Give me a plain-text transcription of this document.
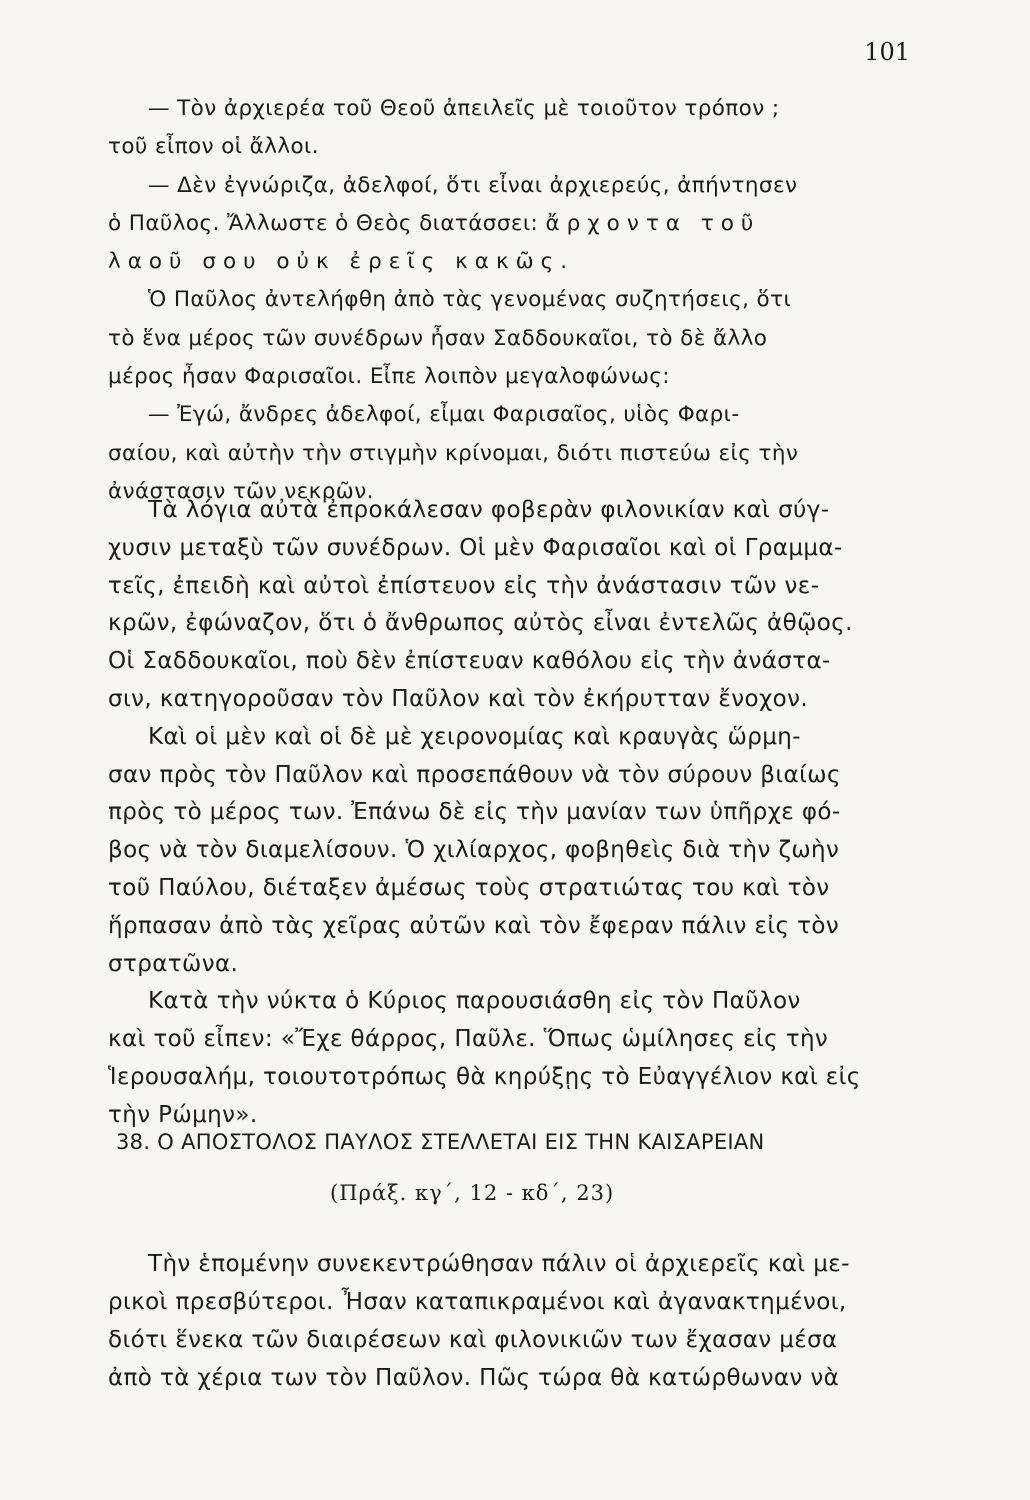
101
— Τὸν ἀρχιερέα τοῦ Θεοῦ ἀπειλεῖς μὲ τοιοῦτον τρόπον ;
τοῦ εἶπον οἱ ἄλλοι.
— Δὲν ἐγνώριζα, ἀδελφοί, ὅτι εἶναι ἀρχιερεύς, ἀπήντησεν
ὁ Παῦλος. Ἄλλωστε ὁ Θεὸς διατάσσει: ἄρχοντα τοῦ
λαοῦ σου οὐκ ἐρεῖς κακῶς.
Ὁ Παῦλος ἀντελήφθη ἀπὸ τὰς γενομένας συζητήσεις, ὅτι
τὸ ἕνα μέρος τῶν συνέδρων ἦσαν Σαδδουκαῖοι, τὸ δὲ ἄλλο
μέρος ἦσαν Φαρισαῖοι. Εἶπε λοιπὸν μεγαλοφώνως:
— Ἐγώ, ἄνδρες ἀδελφοί, εἶμαι Φαρισαῖος, υἱὸς Φαρι-
σαίου, καὶ αὐτὴν τὴν στιγμὴν κρίνομαι, διότι πιστεύω εἰς τὴν
ἀνάστασιν τῶν νεκρῶν.
Τὰ λόγια αὐτὰ ἐπροκάλεσαν φοβερὰν φιλονικίαν καὶ σύγ-
χυσιν μεταξὺ τῶν συνέδρων. Οἱ μὲν Φαρισαῖοι καὶ οἱ Γραμμα-
τεῖς, ἐπειδὴ καὶ αὐτοὶ ἐπίστευον εἰς τὴν ἀνάστασιν τῶν νε-
κρῶν, ἐφώναζον, ὅτι ὁ ἄνθρωπος αὐτὸς εἶναι ἐντελῶς ἀθῷος.
Οἱ Σαδδουκαῖοι, ποὺ δὲν ἐπίστευαν καθόλου εἰς τὴν ἀνάστα-
σιν, κατηγοροῦσαν τὸν Παῦλον καὶ τὸν ἐκήρυτταν ἔνοχον.
Καὶ οἱ μὲν καὶ οἱ δὲ μὲ χειρονομίας καὶ κραυγὰς ὥρμη-
σαν πρὸς τὸν Παῦλον καὶ προσεπάθουν νὰ τὸν σύρουν βιαίως
πρὸς τὸ μέρος των. Ἐπάνω δὲ εἰς τὴν μανίαν των ὑπῆρχε φό-
βος νὰ τὸν διαμελίσουν. Ὁ χιλίαρχος, φοβηθεὶς διὰ τὴν ζωὴν
τοῦ Παύλου, διέταξεν ἀμέσως τοὺς στρατιώτας του καὶ τὸν
ἥρπασαν ἀπὸ τὰς χεῖρας αὐτῶν καὶ τὸν ἔφεραν πάλιν εἰς τὸν
στρατῶνα.
Κατὰ τὴν νύκτα ὁ Κύριος παρουσιάσθη εἰς τὸν Παῦλον
καὶ τοῦ εἶπεν: «Ἔχε θάρρος, Παῦλε. Ὅπως ὡμίλησες εἰς τὴν
Ἱερουσαλήμ, τοιουτοτρόπως θὰ κηρύξῃς τὸ Εὐαγγέλιον καὶ εἰς
τὴν Ρώμην».
38. Ο ΑΠΟΣΤΟΛΟΣ ΠΑΥΛΟΣ ΣΤΕΛΛΕΤΑΙ ΕΙΣ ΤΗΝ ΚΑΙΣΑΡΕΙΑΝ
(Πράξ. κγ΄, 12 - κδ΄, 23)
Τὴν ἑπομένην συνεκεντρώθησαν πάλιν οἱ ἀρχιερεῖς καὶ με-
ρικοὶ πρεσβύτεροι. Ἦσαν καταπικραμένοι καὶ ἀγανακτημένοι,
διότι ἕνεκα τῶν διαιρέσεων καὶ φιλονικιῶν των ἔχασαν μέσα
ἀπὸ τὰ χέρια των τὸν Παῦλον. Πῶς τώρα θὰ κατώρθωναν νὰ
